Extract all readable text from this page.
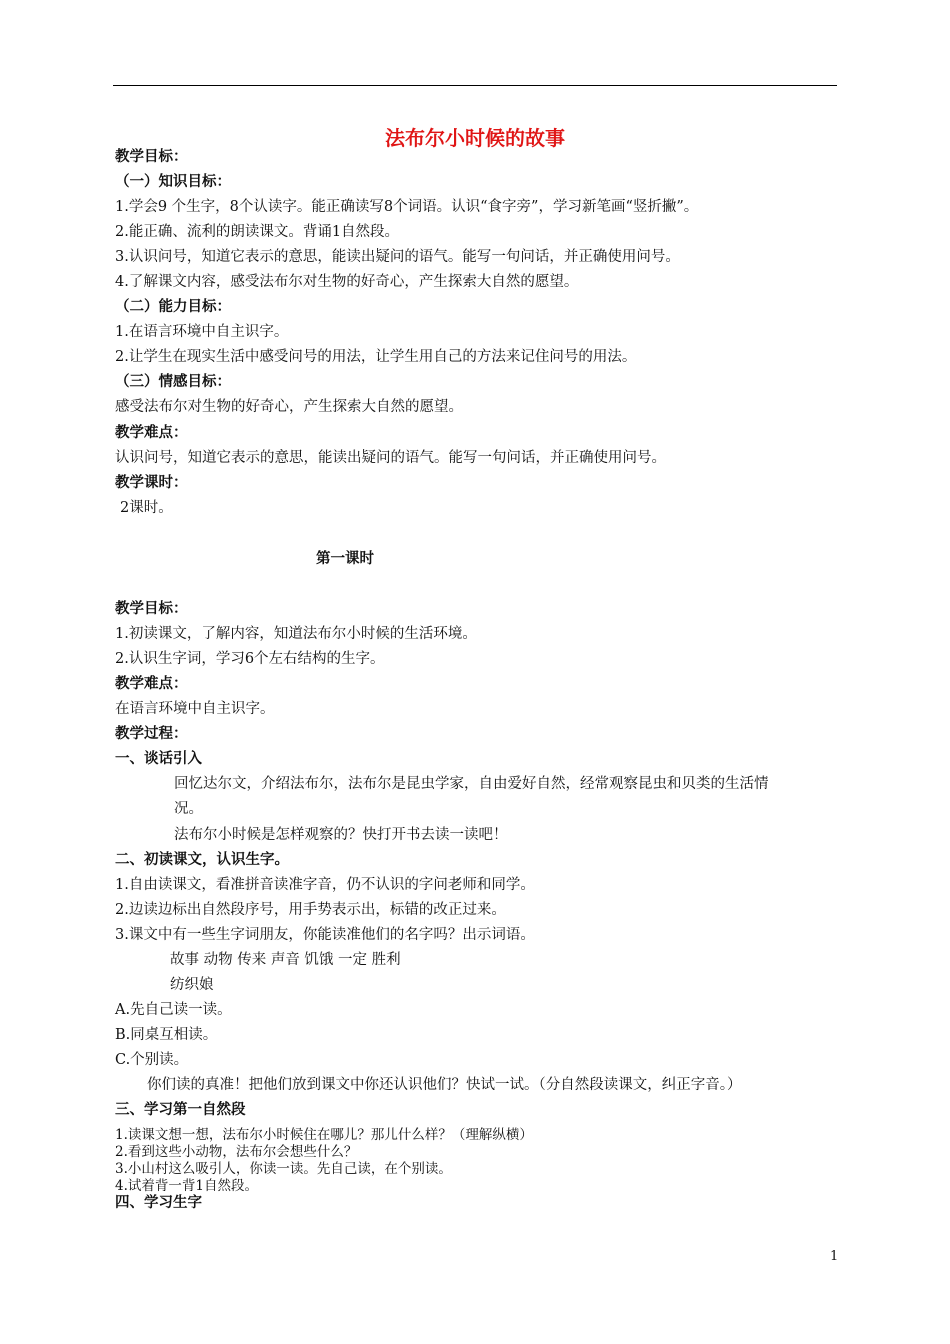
法布尔小时候的故事
教学目标：
（一）知识目标：
1.学会9 个生字，8个认读字。能正确读写8个词语。认识“食字旁”，学习新笔画“竖折撇”。
2.能正确、流利的朗读课文。背诵1自然段。
3.认识问号，知道它表示的意思，能读出疑问的语气。能写一句问话，并正确使用问号。
4.了解课文内容，感受法布尔对生物的好奇心，产生探索大自然的愿望。
（二）能力目标：
1.在语言环境中自主识字。
2.让学生在现实生活中感受问号的用法，让学生用自己的方法来记住问号的用法。
（三）情感目标：
感受法布尔对生物的好奇心，产生探索大自然的愿望。
教学难点：
认识问号，知道它表示的意思，能读出疑问的语气。能写一句问话，并正确使用问号。
教学课时：
2课时。
第一课时
教学目标：
1.初读课文，了解内容，知道法布尔小时候的生活环境。
2.认识生字词，学习6个左右结构的生字。
教学难点：
在语言环境中自主识字。
教学过程：
一、谈话引入
回忆达尔文，介绍法布尔，法布尔是昆虫学家，自由爱好自然，经常观察昆虫和贝类的生活情
况。
法布尔小时候是怎样观察的？快打开书去读一读吧！
二、初读课文，认识生字。
1.自由读课文，看准拼音读准字音，仍不认识的字问老师和同学。
2.边读边标出自然段序号，用手势表示出，标错的改正过来。
3.课文中有一些生字词朋友，你能读准他们的名字吗？出示词语。
故事 动物 传来 声音 饥饿 一定 胜利
纺织娘
A.先自己读一读。
B.同桌互相读。
C.个别读。
你们读的真准！把他们放到课文中你还认识他们？快试一试。（分自然段读课文，纠正字音。）
三、学习第一自然段
1.读课文想一想，法布尔小时候住在哪儿？那儿什么样？（理解纵横）
2.看到这些小动物，法布尔会想些什么？
3.小山村这么吸引人，你读一读。先自己读，在个别读。
4.试着背一背1自然段。
四、学习生字
1
